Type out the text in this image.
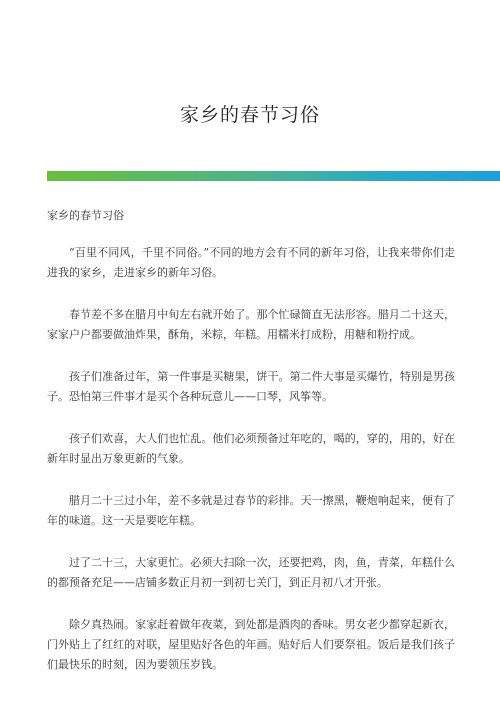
家乡的春节习俗

家乡的春节习俗

“百里不同风，千里不同俗。”不同的地方会有不同的新年习俗，让我来带你们走进我的家乡，走进家乡的新年习俗。

春节差不多在腊月中旬左右就开始了。那个忙碌简直无法形容。腊月二十这天，家家户户都要做油炸果，酥角，米粽，年糕。用糯米打成粉，用糖和粉拧成。

孩子们准备过年，第一件事是买糖果，饼干。第二件大事是买爆竹，特别是男孩子。恐怕第三件事才是买个各种玩意儿——口琴，风筝等。

孩子们欢喜，大人们也忙乱。他们必须预备过年吃的，喝的，穿的，用的，好在新年时显出万象更新的气象。

腊月二十三过小年，差不多就是过春节的彩排。天一擦黑，鞭炮响起来，便有了年的味道。这一天是要吃年糕。

过了二十三，大家更忙。必须大扫除一次，还要把鸡，肉，鱼，青菜，年糕什么的都预备充足——店铺多数正月初一到初七关门，到正月初八才开张。

除夕真热闹。家家赶着做年夜菜，到处都是酒肉的香味。男女老少都穿起新衣，门外贴上了红红的对联，屋里贴好各色的年画。贴好后人们要祭祖。饭后是我们孩子们最快乐的时刻，因为要领压岁钱。
